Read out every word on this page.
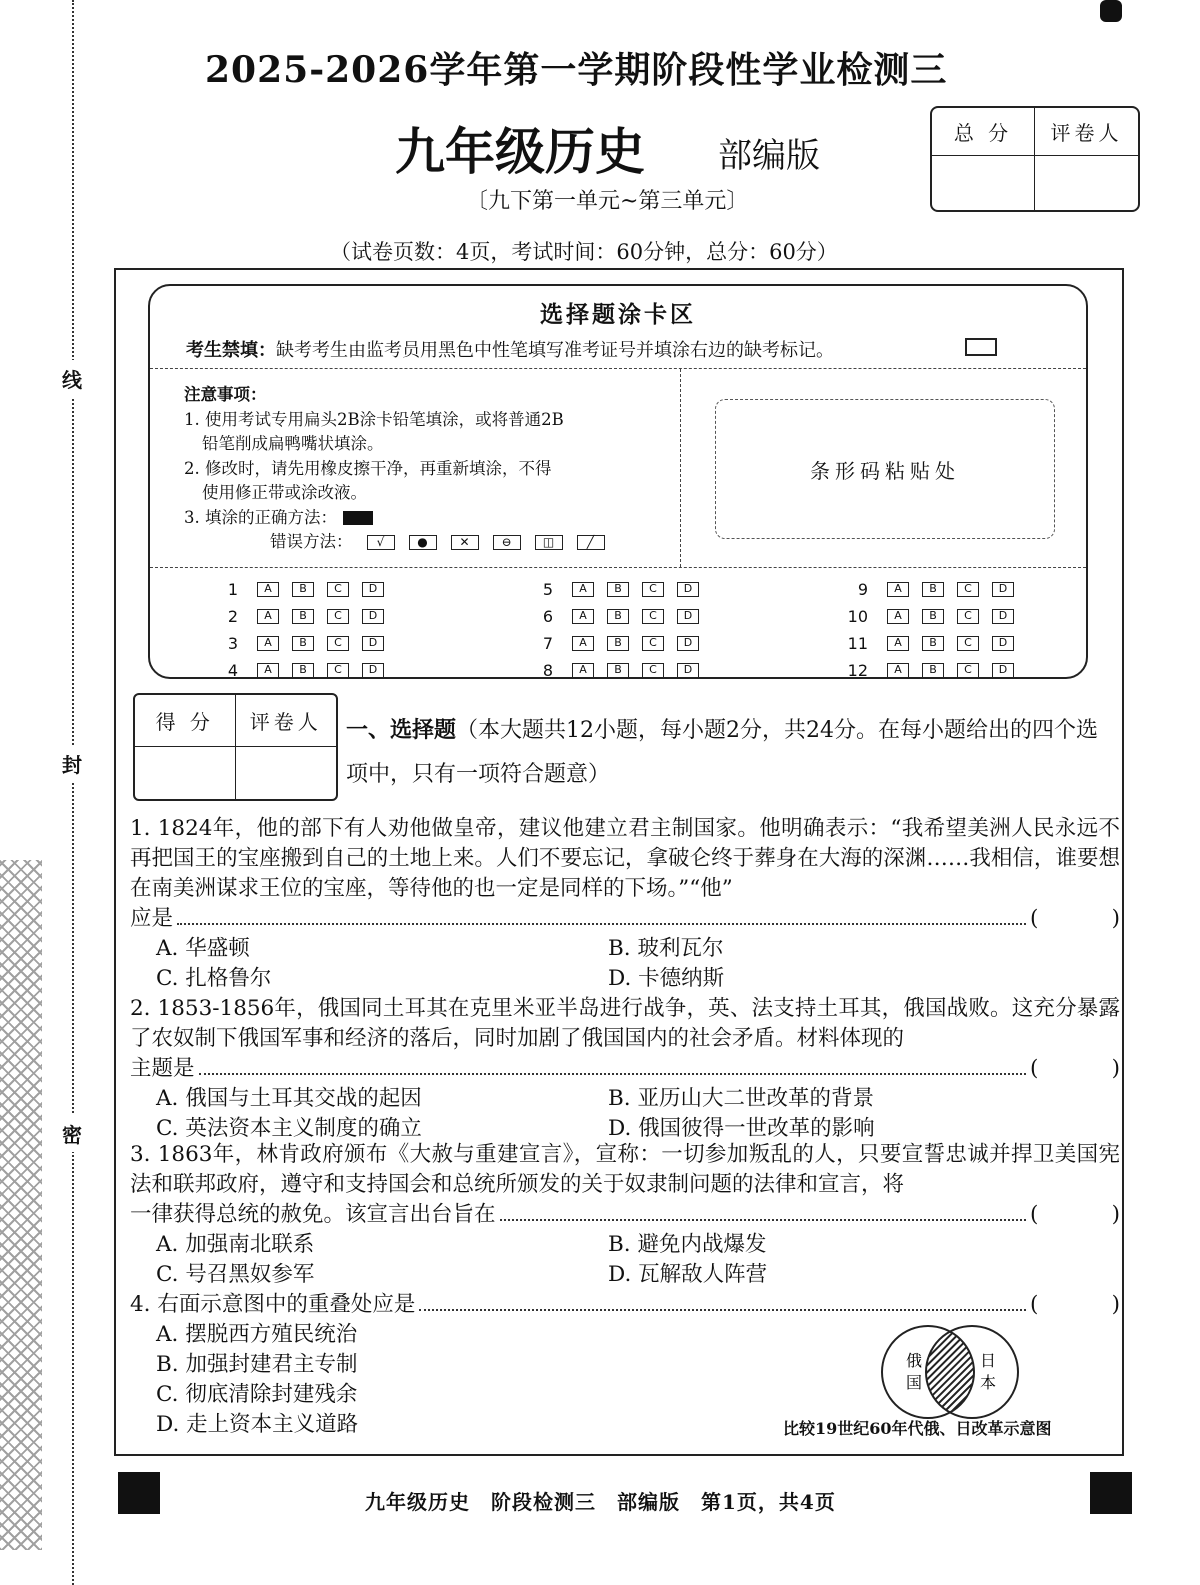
线
封
密
2025-2026学年第一学期阶段性学业检测三
九年级历史 部编版
〔九下第一单元~第三单元〕
（试卷页数：4页，考试时间：60分钟，总分：60分）
总 分	评卷人
选择题涂卡区
考生禁填：缺考考生由监考员用黑色中性笔填写准考证号并填涂右边的缺考标记。
注意事项：
1. 使用考试专用扁头2B涂卡铅笔填涂，或将普通2B
铅笔削成扁鸭嘴状填涂。
2. 修改时，请先用橡皮擦干净，再重新填涂，不得
使用修正带或涂改液。
3. 填涂的正确方法：
错误方法： √	●	✕	⊖	◫	╱
条形码粘贴处
1	A	B	C	D
2	A	B	C	D
3	A	B	C	D
4	A	B	C	D
5	A	B	C	D
6	A	B	C	D
7	A	B	C	D
8	A	B	C	D
9	A	B	C	D
10	A	B	C	D
11	A	B	C	D
12	A	B	C	D
得 分	评卷人	一、选择题（本大题共12小题，每小题2分，共24分。在每小题给出的四个选项中，只有一项符合题意）
1. 1824年，他的部下有人劝他做皇帝，建议他建立君主制国家。他明确表示：“我希望美洲人民永远不再把国王的宝座搬到自己的土地上来。人们不要忘记，拿破仑终于葬身在大海的深渊……我相信，谁要想在南美洲谋求王位的宝座，等待他的也一定是同样的下场。”“他”
应是	(	)
A. 华盛顿	B. 玻利瓦尔
C. 扎格鲁尔	D. 卡德纳斯
2. 1853-1856年，俄国同土耳其在克里米亚半岛进行战争，英、法支持土耳其，俄国战败。这充分暴露了农奴制下俄国军事和经济的落后，同时加剧了俄国国内的社会矛盾。材料体现的
主题是	(	)
A. 俄国与土耳其交战的起因	B. 亚历山大二世改革的背景
C. 英法资本主义制度的确立	D. 俄国彼得一世改革的影响
3. 1863年，林肯政府颁布《大赦与重建宣言》，宣称：一切参加叛乱的人，只要宣誓忠诚并捍卫美国宪法和联邦政府，遵守和支持国会和总统所颁发的关于奴隶制问题的法律和宣言，将
一律获得总统的赦免。该宣言出台旨在	(	)
A. 加强南北联系	B. 避免内战爆发
C. 号召黑奴参军	D. 瓦解敌人阵营
4. 右面示意图中的重叠处应是	(	)
A. 摆脱西方殖民统治
B. 加强封建君主专制
C. 彻底清除封建残余
D. 走上资本主义道路
俄
国
日
本
比较19世纪60年代俄、日改革示意图
九年级历史　阶段检测三　部编版　第1页，共4页
